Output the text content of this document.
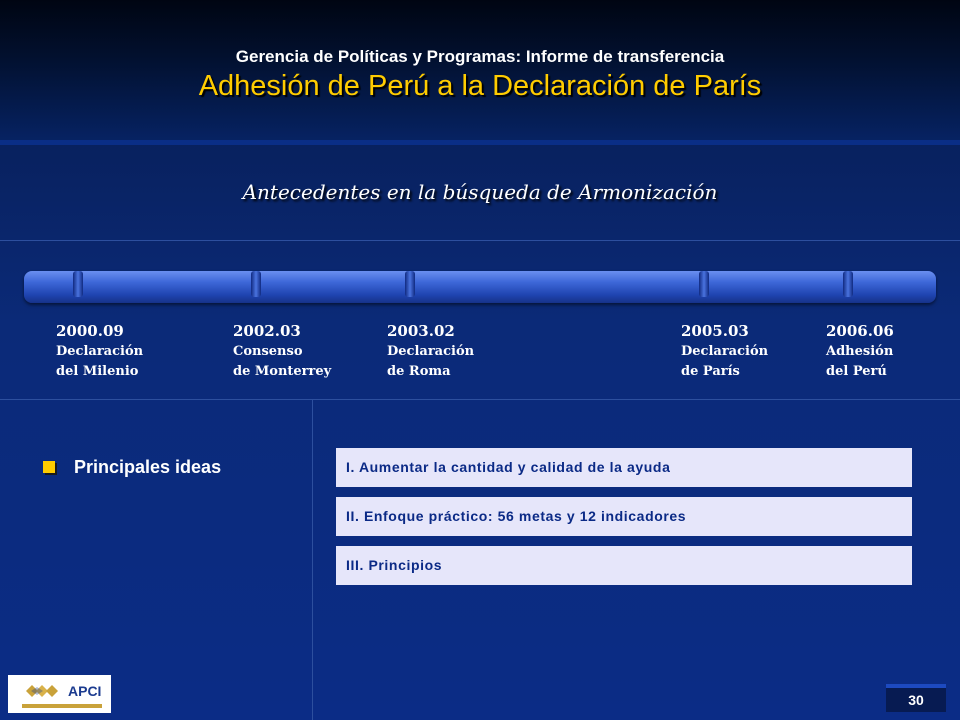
Gerencia de Políticas y Programas: Informe de transferencia
Adhesión de Perú a la Declaración de París
Antecedentes en la búsqueda de Armonización
2000.09
Declaración
del Milenio
2002.03
Consenso
de Monterrey
2003.02
Declaración
de Roma
2005.03
Declaración
de París
2006.06
Adhesión
del Perú
Principales ideas	I. Aumentar la cantidad y calidad de la ayuda
II. Enfoque práctico: 56 metas y 12 indicadores
III. Principios
APCI
30
